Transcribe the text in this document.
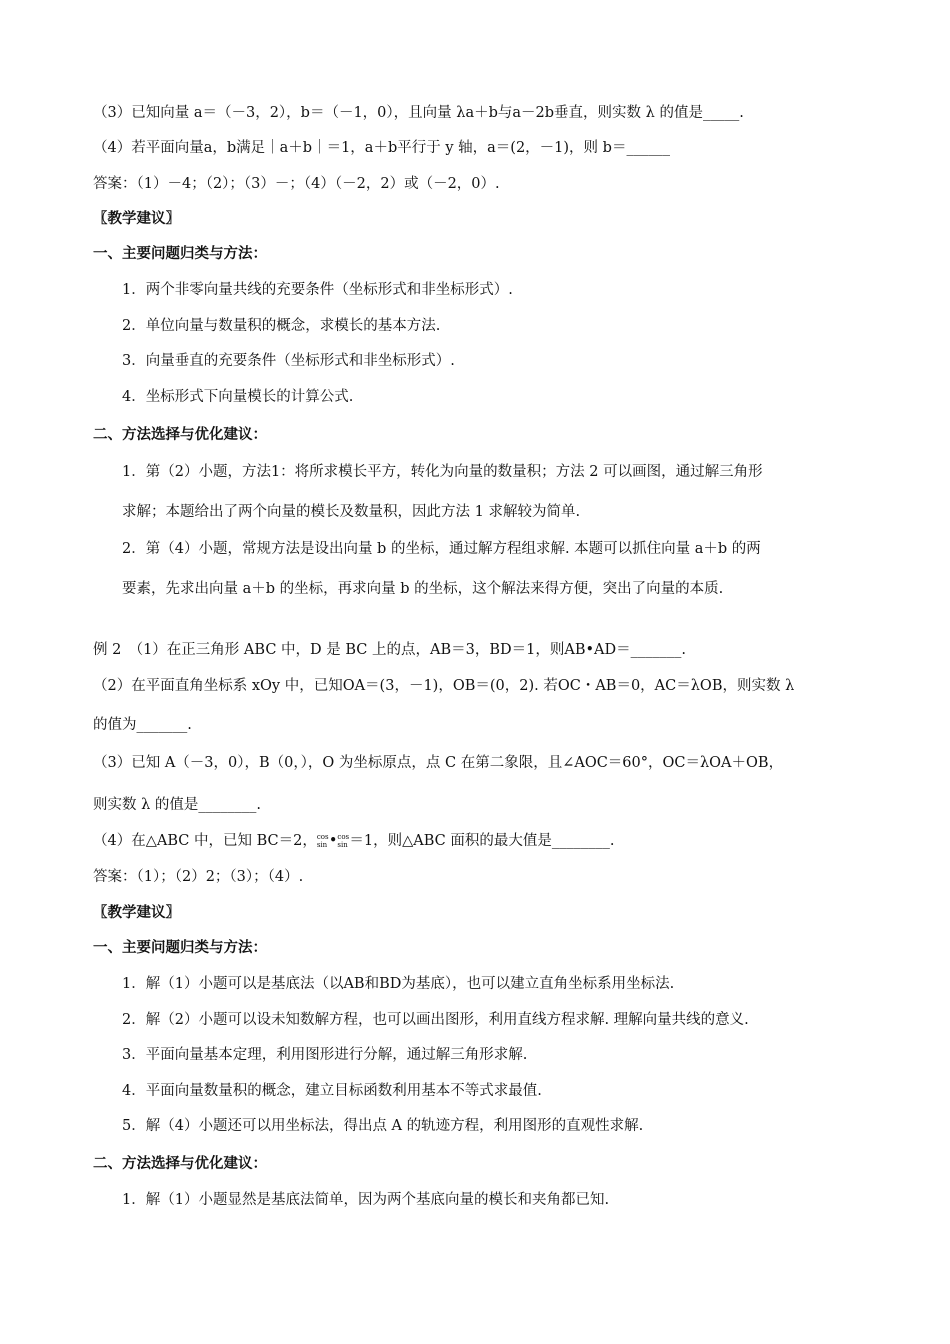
（3）已知向量 a＝（－3，2），b＝（－1，0），且向量 λa＋b与a－2b垂直，则实数 λ 的值是_____.
（4）若平面向量a，b满足｜a＋b｜＝1，a＋b平行于 y 轴，a＝(2，－1)，则 b＝______
答案：（1）－4；（2）；（3）－；（4）（－2，2）或（－2，0）.
〖教学建议〗
一、主要问题归类与方法：
1．两个非零向量共线的充要条件（坐标形式和非坐标形式）.
2．单位向量与数量积的概念，求模长的基本方法.
3．向量垂直的充要条件（坐标形式和非坐标形式）.
4．坐标形式下向量模长的计算公式.
二、方法选择与优化建议：
1．第（2）小题，方法1：将所求模长平方，转化为向量的数量积；方法 2 可以画图，通过解三角形
求解；本题给出了两个向量的模长及数量积，因此方法 1 求解较为简单.
2．第（4）小题，常规方法是设出向量 b 的坐标，通过解方程组求解. 本题可以抓住向量 a＋b 的两
要素，先求出向量 a＋b 的坐标，再求向量 b 的坐标，这个解法来得方便，突出了向量的本质.
例 2　（1）在正三角形 ABC 中，D 是 BC 上的点，AB＝3，BD＝1，则AB•AD＝_______.
（2）在平面直角坐标系 xOy 中，已知OA＝(3，－1)，OB＝(0，2). 若OC・AB＝0，AC＝λOB，则实数 λ
的值为_______.
（3）已知 A（－3，0），B（0，），O 为坐标原点，点 C 在第二象限，且∠AOC＝60°，OC＝λOA＋OB，
则实数 λ 的值是________.
（4）在△ABC 中，已知 BC＝2，cos sin •cos sin ＝1，则△ABC 面积的最大值是________.
答案：（1）；（2）2；（3）；（4）.
〖教学建议〗
一、主要问题归类与方法：
1．解（1）小题可以是基底法（以AB和BD为基底），也可以建立直角坐标系用坐标法.
2．解（2）小题可以设未知数解方程，也可以画出图形，利用直线方程求解. 理解向量共线的意义.
3．平面向量基本定理，利用图形进行分解，通过解三角形求解.
4．平面向量数量积的概念，建立目标函数利用基本不等式求最值.
5．解（4）小题还可以用坐标法，得出点 A 的轨迹方程，利用图形的直观性求解.
二、方法选择与优化建议：
1．解（1）小题显然是基底法简单，因为两个基底向量的模长和夹角都已知.
